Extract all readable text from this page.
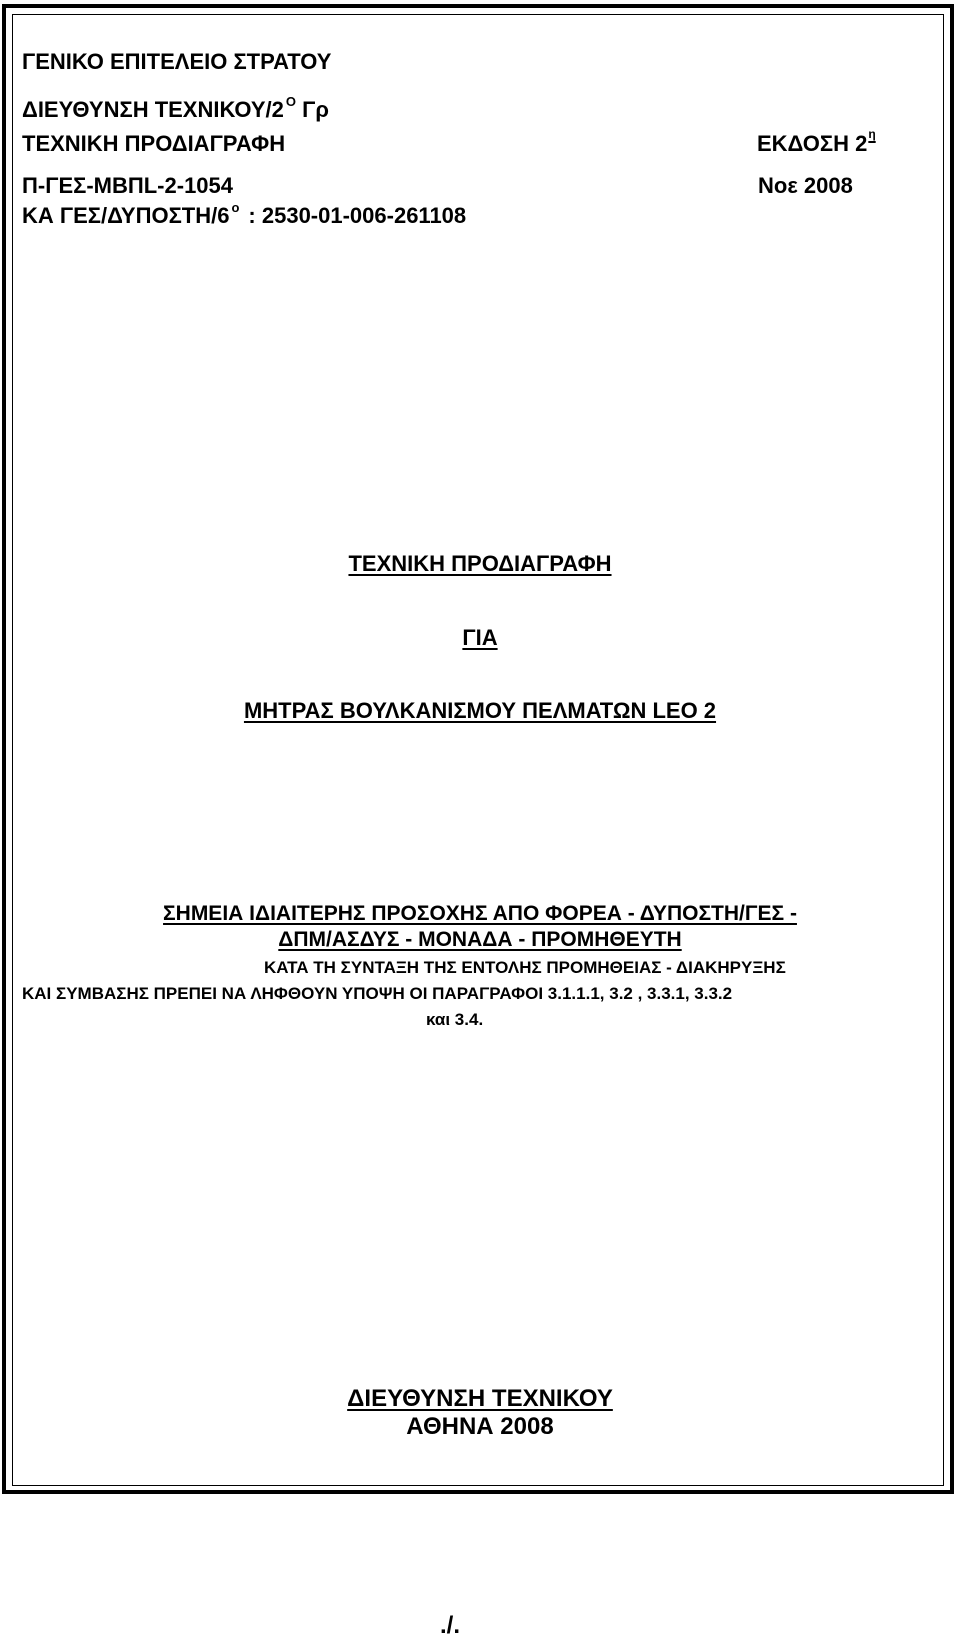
ΓΕΝΙΚΟ ΕΠΙΤΕΛΕΙΟ ΣΤΡΑΤΟΥ
ΔΙΕΥΘΥΝΣΗ ΤΕΧΝΙΚΟΥ/2 $^O$ Γρ
ΤΕΧΝΙΚΗ ΠΡΟΔΙΑΓΡΑΦΗ	ΕΚΔΟΣΗ 2 η
Π-ΓΕΣ-ΜΒΠL-2-1054	Νοε 2008
ΚΑ ΓΕΣ/ΔΥΠΟΣΤΗ/6 $^o$ : 2530-01-006-261108
ΤΕΧΝΙΚΗ ΠΡΟΔΙΑΓΡΑΦΗ
ΓΙΑ
ΜΗΤΡΑΣ ΒΟΥΛΚΑΝΙΣΜΟΥ ΠΕΛΜΑΤΩΝ LEO 2
ΣΗΜΕΙΑ ΙΔΙΑΙΤΕΡΗΣ ΠΡΟΣΟΧΗΣ ΑΠΟ ΦΟΡΕΑ - ΔΥΠΟΣΤΗ/ΓΕΣ -
ΔΠΜ/ΑΣΔΥΣ - ΜΟΝΑΔΑ - ΠΡΟΜΗΘΕΥΤΗ
ΚΑΤΑ ΤΗ ΣΥΝΤΑΞΗ ΤΗΣ ΕΝΤΟΛΗΣ ΠΡΟΜΗΘΕΙΑΣ - ΔΙΑΚΗΡΥΞΗΣ
ΚΑΙ ΣΥΜΒΑΣΗΣ ΠΡΕΠΕΙ ΝΑ ΛΗΦΘΟΥΝ ΥΠΟΨΗ ΟΙ ΠΑΡΑΓΡΑΦΟΙ 3.1.1.1, 3.2 , 3.3.1, 3.3.2
και 3.4.
ΔΙΕΥΘΥΝΣΗ ΤΕΧΝΙΚΟΥ
ΑΘΗΝΑ 2008
./.
